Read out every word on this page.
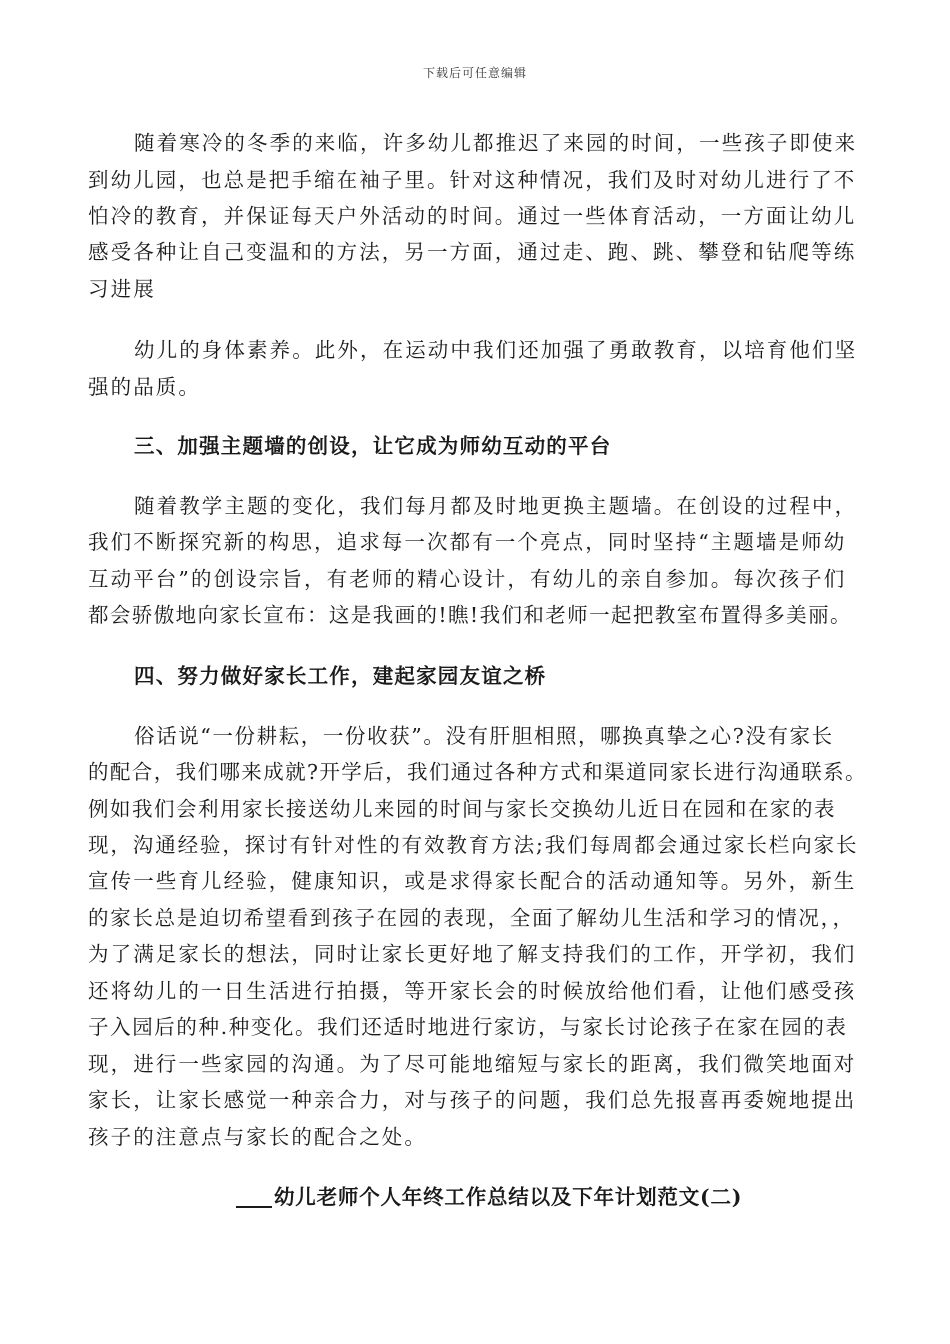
下载后可任意编辑
随着寒冷的冬季的来临，许多幼儿都推迟了来园的时间，一些孩子即使来
到幼儿园，也总是把手缩在袖子里。针对这种情况，我们及时对幼儿进行了不
怕冷的教育，并保证每天户外活动的时间。通过一些体育活动，一方面让幼儿
感受各种让自己变温和的方法，另一方面，通过走、跑、跳、攀登和钻爬等练
习进展
幼儿的身体素养。此外，在运动中我们还加强了勇敢教育，以培育他们坚
强的品质。
三、加强主题墙的创设，让它成为师幼互动的平台
随着教学主题的变化，我们每月都及时地更换主题墙。在创设的过程中，
我们不断探究新的构思，追求每一次都有一个亮点，同时坚持“主题墙是师幼
互动平台”的创设宗旨，有老师的精心设计，有幼儿的亲自参加。每次孩子们
都会骄傲地向家长宣布：这是我画的!瞧!我们和老师一起把教室布置得多美丽。
四、努力做好家长工作，建起家园友谊之桥
俗话说“一份耕耘，一份收获”。没有肝胆相照，哪换真挚之心?没有家长
的配合，我们哪来成就?开学后，我们通过各种方式和渠道同家长进行沟通联系。
例如我们会利用家长接送幼儿来园的时间与家长交换幼儿近日在园和在家的表
现，沟通经验，探讨有针对性的有效教育方法;我们每周都会通过家长栏向家长
宣传一些育儿经验，健康知识，或是求得家长配合的活动通知等。另外，新生
的家长总是迫切希望看到孩子在园的表现，全面了解幼儿生活和学习的情况，，
为了满足家长的想法，同时让家长更好地了解支持我们的工作，开学初，我们
还将幼儿的一日生活进行拍摄，等开家长会的时候放给他们看，让他们感受孩
子入园后的种.种变化。我们还适时地进行家访，与家长讨论孩子在家在园的表
现，进行一些家园的沟通。为了尽可能地缩短与家长的距离，我们微笑地面对
家长，让家长感觉一种亲合力，对与孩子的问题，我们总先报喜再委婉地提出
孩子的注意点与家长的配合之处。
幼儿老师个人年终工作总结以及下年计划范文(二)
